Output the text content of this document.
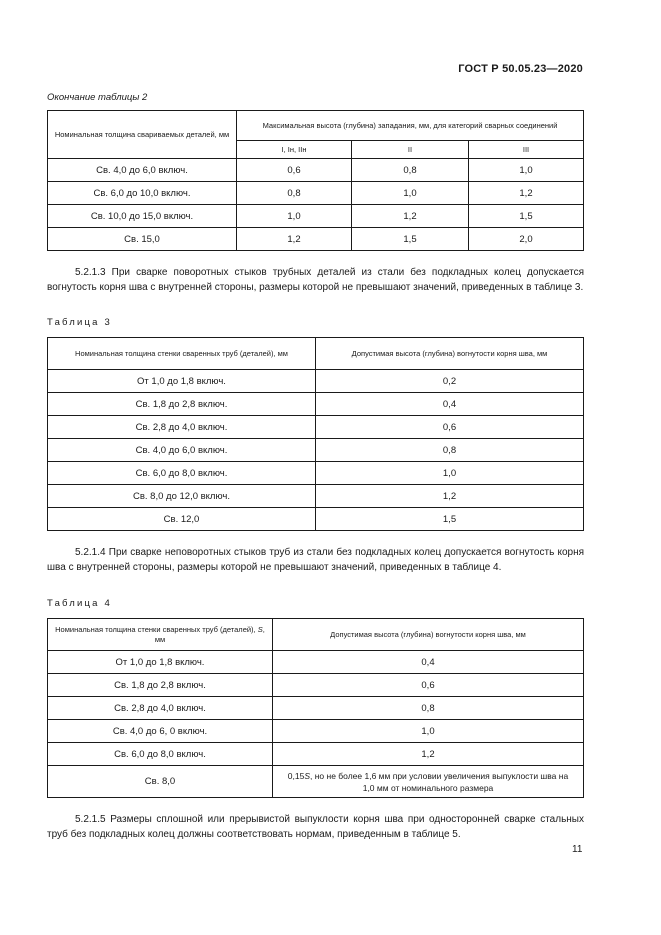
ГОСТ Р 50.05.23—2020
Окончание таблицы 2
Номинальная толщина свариваемых деталей, мм	Максимальная высота (глубина) западания, мм, для категорий сварных соединений		
	I, Iн, IIн	II	III
Св. 4,0 до 6,0 включ.	0,6	0,8	1,0
Св. 6,0 до 10,0 включ.	0,8	1,0	1,2
Св. 10,0 до 15,0 включ.	1,0	1,2	1,5
Св. 15,0	1,2	1,5	2,0
5.2.1.3 При сварке поворотных стыков трубных деталей из стали без подкладных колец допускается вогнутость корня шва с внутренней стороны, размеры которой не превышают значений, приведенных в таблице 3.
Таблица 3
Номинальная толщина стенки сваренных труб (деталей), мм	Допустимая высота (глубина) вогнутости корня шва, мм
От 1,0 до 1,8 включ.	0,2
Св. 1,8 до 2,8 включ.	0,4
Св. 2,8 до 4,0 включ.	0,6
Св. 4,0 до 6,0 включ.	0,8
Св. 6,0 до 8,0 включ.	1,0
Св. 8,0 до 12,0 включ.	1,2
Св. 12,0	1,5
5.2.1.4 При сварке неповоротных стыков труб из стали без подкладных колец допускается вогнутость корня шва с внутренней стороны, размеры которой не превышают значений, приведенных в таблице 4.
Таблица 4
Номинальная толщина стенки сваренных труб (деталей), S, мм	Допустимая высота (глубина) вогнутости корня шва, мм
От 1,0 до 1,8 включ.	0,4
Св. 1,8 до 2,8 включ.	0,6
Св. 2,8 до 4,0 включ.	0,8
Св. 4,0 до 6, 0 включ.	1,0
Св. 6,0 до 8,0 включ.	1,2
Св. 8,0	0,15S, но не более 1,6 мм при условии увеличения выпуклости шва на 1,0 мм от номинального размера
5.2.1.5 Размеры сплошной или прерывистой выпуклости корня шва при односторонней сварке стальных труб без подкладных колец должны соответствовать нормам, приведенным в таблице 5.
11
